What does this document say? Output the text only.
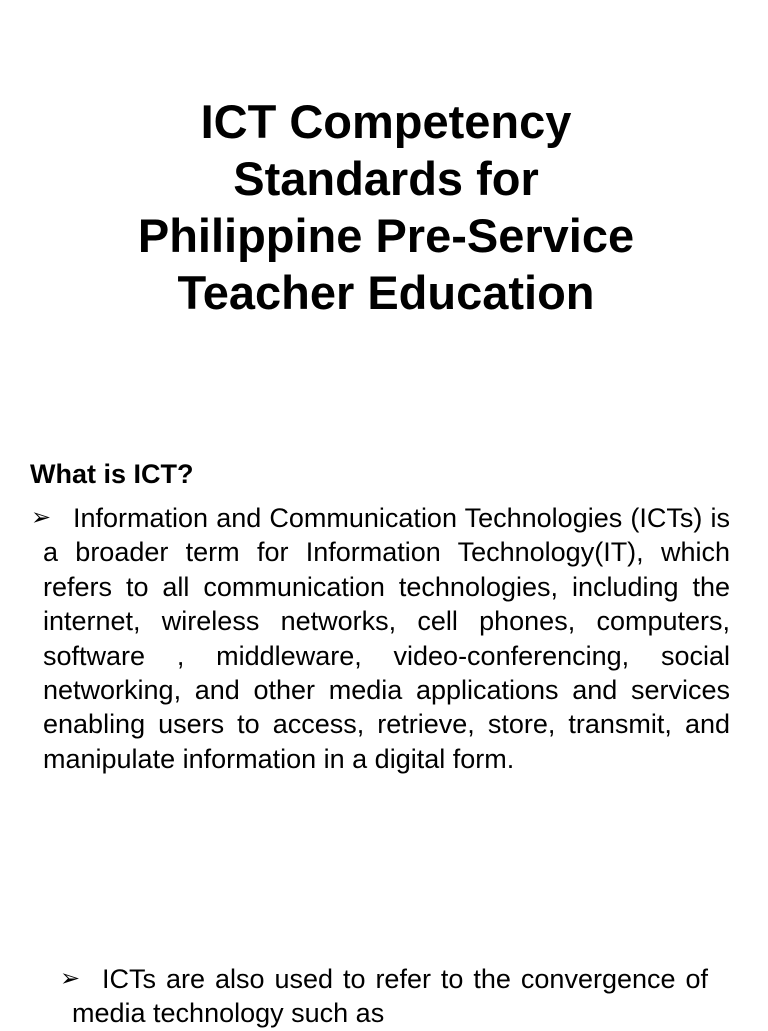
ICT Competency
Standards for
Philippine Pre-Service
Teacher Education
What is ICT?
➢ Information and Communication Technologies (ICTs) is a broader term for Information Technology(IT), which refers to all communication technologies, including the internet, wireless networks, cell phones, computers, software , middleware, video-conferencing, social networking, and other media applications and services enabling users to access, retrieve, store, transmit, and manipulate information in a digital form.
➢ ICTs are also used to refer to the convergence of media technology such as
